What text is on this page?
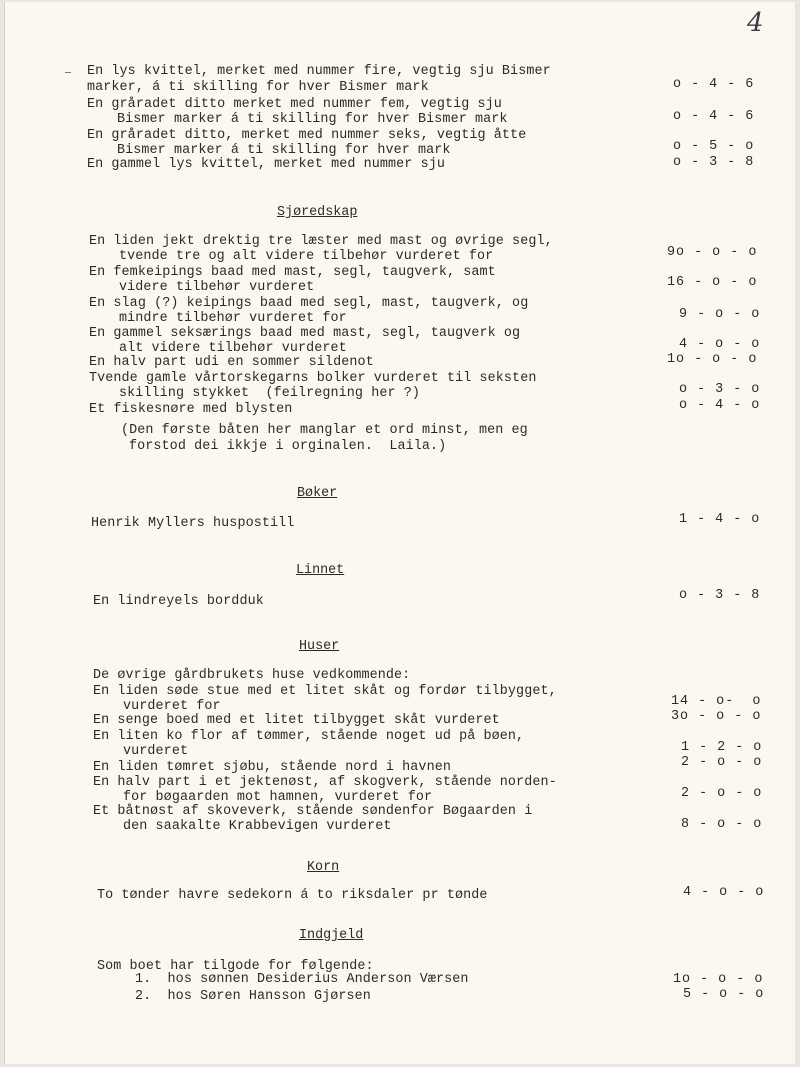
4
En lys kvittel, merket med nummer fire, vegtig sju Bismer
marker, á ti skilling for hver Bismer mark	o - 4 - 6
En gråradet ditto merket med nummer fem, vegtig sju
Bismer marker á ti skilling for hver Bismer mark	o - 4 - 6
En gråradet ditto, merket med nummer seks, vegtig åtte
Bismer marker á ti skilling for hver mark	o - 5 - o
En gammel lys kvittel, merket med nummer sju	o - 3 - 8
Sjøredskap
En liden jekt drektig tre læster med mast og øvrige segl,
tvende tre og alt videre tilbehør vurderet for	9o - o - o
En femkeipings baad med mast, segl, taugverk, samt
videre tilbehør vurderet	16 - o - o
En slag (?) keipings baad med segl, mast, taugverk, og
mindre tilbehør vurderet for	9 - o - o
En gammel seksærings baad med mast, segl, taugverk og
alt videre tilbehør vurderet	4 - o - o
En halv part udi en sommer sildenot	1o - o - o
Tvende gamle vårtorskegarns bolker vurderet til seksten
skilling stykket  (feilregning her ?)	o - 3 - o
Et fiskesnøre med blysten	o - 4 - o
(Den første båten her manglar et ord minst, men eg
forstod dei ikkje i orginalen.  Laila.)
Bøker
Henrik Myllers huspostill	1 - 4 - o
Linnet
En lindreyels bordduk	o - 3 - 8
Huser
De øvrige gårdbrukets huse vedkommende:
En liden søde stue med et litet skåt og fordør tilbygget,
vurderet for	14 - o-  o
En senge boed med et litet tilbygget skåt vurderet	3o - o - o
En liten ko flor af tømmer, stående noget ud på bøen,
vurderet	1 - 2 - o
En liden tømret sjøbu, stående nord i havnen	2 - o - o
En halv part i et jektenøst, af skogverk, stående norden-
for bøgaarden mot hamnen, vurderet for	2 - o - o
Et båtnøst af skoveverk, stående søndenfor Bøgaarden i
den saakalte Krabbevigen vurderet	8 - o - o
Korn
To tønder havre sedekorn á to riksdaler pr tønde	4 - o - o
Indgjeld
Som boet har tilgode for følgende:
1.  hos sønnen Desiderius Anderson Værsen	1o - o - o
2.  hos Søren Hansson Gjørsen	5 - o - o
